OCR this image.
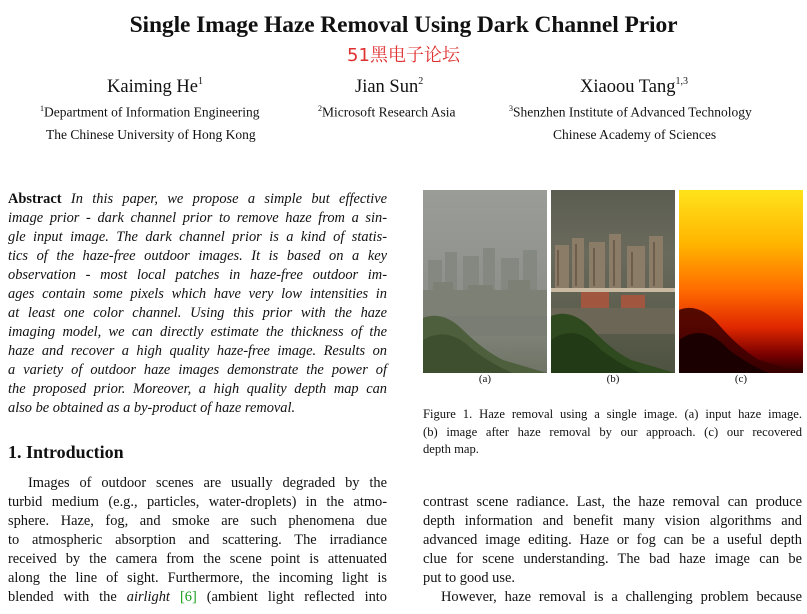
Single Image Haze Removal Using Dark Channel Prior
51黑电子论坛
Kaiming He$^1$	Jian Sun$^2$	Xiaoou Tang$^{1,3}$
$^1$Department of Information Engineering
The Chinese University of Hong Kong
$^2$Microsoft Research Asia	$^3$Shenzhen Institute of Advanced Technology
Chinese Academy of Sciences
Abstract In this paper, we propose a simple but effective
image prior - dark channel prior to remove haze from a sin-
gle input image. The dark channel prior is a kind of statis-
tics of the haze-free outdoor images. It is based on a key
observation - most local patches in haze-free outdoor im-
ages contain some pixels which have very low intensities in
at least one color channel. Using this prior with the haze
imaging model, we can directly estimate the thickness of the
haze and recover a high quality haze-free image. Results on
a variety of outdoor haze images demonstrate the power of
the proposed prior. Moreover, a high quality depth map can
also be obtained as a by-product of haze removal.
1. Introduction
Images of outdoor scenes are usually degraded by the
turbid medium (e.g., particles, water-droplets) in the atmo-
sphere. Haze, fog, and smoke are such phenomena due
to atmospheric absorption and scattering. The irradiance
received by the camera from the scene point is attenuated
along the line of sight. Furthermore, the incoming light is
blended with the airlight [6] (ambient light reflected into
(a)	(b)	(c)
Figure 1. Haze removal using a single image. (a) input haze image.
(b) image after haze removal by our approach. (c) our recovered
depth map.
contrast scene radiance. Last, the haze removal can produce
depth information and benefit many vision algorithms and
advanced image editing. Haze or fog can be a useful depth
clue for scene understanding. The bad haze image can be
put to good use.
However, haze removal is a challenging problem because
